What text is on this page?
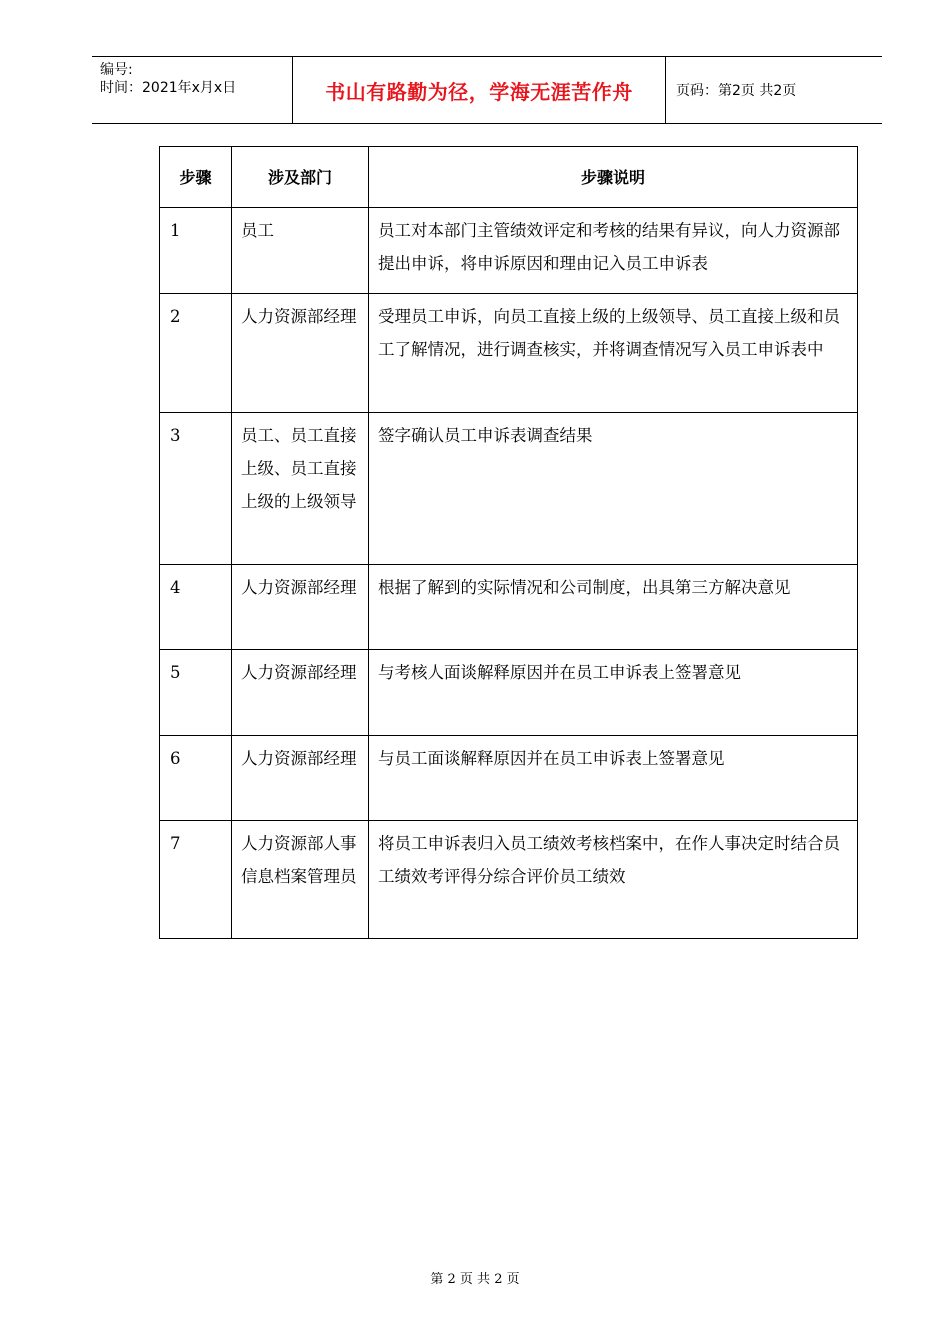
编号:
时间：2021年x月x日	书山有路勤为径，学海无涯苦作舟	页码：第2页 共2页
步骤	涉及部门	步骤说明
1	员工	员工对本部门主管绩效评定和考核的结果有异议，向人力资源部提出申诉，将申诉原因和理由记入员工申诉表
2	人力资源部经理	受理员工申诉，向员工直接上级的上级领导、员工直接上级和员工了解情况，进行调查核实，并将调查情况写入员工申诉表中
3	员工、员工直接上级、员工直接上级的上级领导	签字确认员工申诉表调查结果
4	人力资源部经理	根据了解到的实际情况和公司制度，出具第三方解决意见
5	人力资源部经理	与考核人面谈解释原因并在员工申诉表上签署意见
6	人力资源部经理	与员工面谈解释原因并在员工申诉表上签署意见
7	人力资源部人事信息档案管理员	将员工申诉表归入员工绩效考核档案中，在作人事决定时结合员工绩效考评得分综合评价员工绩效
第 2 页 共 2 页
